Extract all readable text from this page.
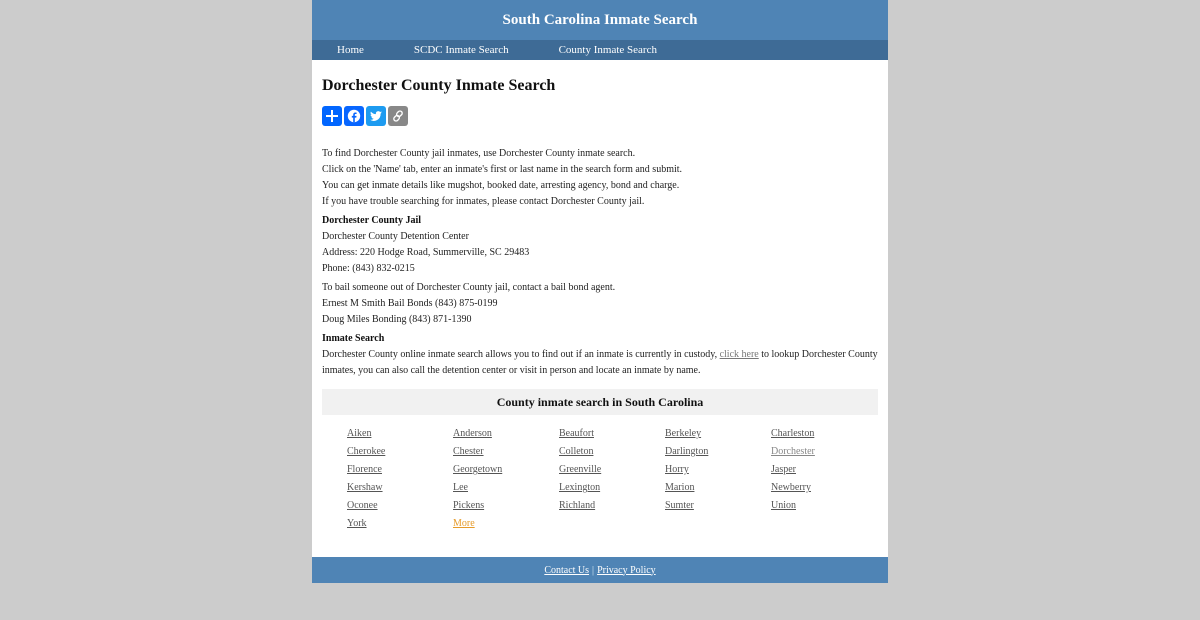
South Carolina Inmate Search
Home	SCDC Inmate Search	County Inmate Search
Dorchester County Inmate Search
To find Dorchester County jail inmates, use Dorchester County inmate search.
Click on the 'Name' tab, enter an inmate's first or last name in the search form and submit.
You can get inmate details like mugshot, booked date, arresting agency, bond and charge.
If you have trouble searching for inmates, please contact Dorchester County jail.
Dorchester County Jail
Dorchester County Detention Center
Address: 220 Hodge Road, Summerville, SC 29483
Phone: (843) 832-0215
To bail someone out of Dorchester County jail, contact a bail bond agent.
Ernest M Smith Bail Bonds (843) 875-0199
Doug Miles Bonding (843) 871-1390
Inmate Search

Dorchester County online inmate search allows you to find out if an inmate is currently in custody, click here to lookup Dorchester County inmates, you can also call the detention center or visit in person and locate an inmate by name.

County inmate search in South Carolina
Aiken	Anderson	Beaufort	Berkeley	Charleston
Cherokee	Chester	Colleton	Darlington	Dorchester
Florence	Georgetown	Greenville	Horry	Jasper
Kershaw	Lee	Lexington	Marion	Newberry
Oconee	Pickens	Richland	Sumter	Union
York	More
Contact Us | Privacy Policy
